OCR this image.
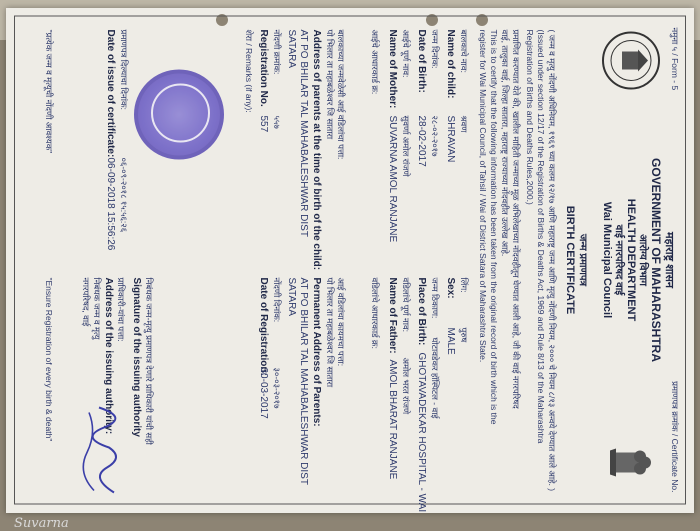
नमुना ५ / Form - 5
प्रमाणपत्र क्रमांक / Certificate No.
महाराष्ट्र शासन
GOVERNMENT OF MAHARASHTRA
आरोग्य विभाग
HEALTH DEPARTMENT
वाई नगरपरिषद वाई
Wai Municipal Council
जन्म प्रमाणपत्र
BIRTH CERTIFICATE
( जन्म व मृत्यु नोंदणी अधिनियम, १९६९ च्या कलम १२/१७ आणि महाराष्ट्र जन्म आणि मृत्यु नोंदणी नियम, २००० चे नियम ८/१३ अन्वये देण्यात आले आहे. )
(Issued under section 12/17 of the Registration of Births & Deaths Act, 1969 and Rule 8/13 of the Maharashtra
Registration of Births and Deaths Rules,2000.)
प्रमाणित करण्यात येते की, खालील माहिती जन्माच्या मूळ अभिलेखाच्या नोंदवहीतून घेण्यात आली आहे, जी की वाई नगरपरिषद
वाई, तालुका वाई, जिल्हा सातारा, महाराष्ट्र राज्याच्या नोंदवहीत उल्लेख आहे.
This is to certify that the following information has been taken from the original record of birth which is the
register for Wai Municipal Council, of Tahsil / Wai of District Satara of Maharashtra State.
बालकाचे नाव:
श्रवण
लिंग:
पुरुष
Name of child:
SHRAVAN
Sex:
MALE
जन्म दिनांक:
२८-०२-२०१७
जन्म ठिकाण:
घोटावडेकर हॉस्पिटल - वाई
Date of Birth:
28-02-2017
Place of Birth:
GHOTAVADEKAR HOSPITAL - WAI
आईचे पूर्ण नाव:
सुवर्णा अमोल रांजणे
वडिलांचे पूर्ण नाव:
अमोल भरत रांजणे
Name of Mother:
SUVARNA AMOL RANJANE
Name of Father:
AMOL BHARAT RANJANE
आईचे आधारकार्ड क्र:
वडिलांचे आधारकार्ड क्र:
बालकाच्या जन्मवेळेसी आई वडिलांचा पत्ता:
पो भिलार ता महाबळेश्वर जि सातारा
Address of parents at the time of birth of the child:
AT PO BHILAR TAL MAHABALESHWAR DIST
SATARA
आई वडिलांचा कायमचा पत्ता:
पो भिलार ता महाबळेश्वर जि सातारा
Permanent Address of Parents:
AT PO BHILAR TAL MAHABALESHWAR DIST
SATARA
नोंदणी क्रमांक:
५५७
नोंदणी दिनांक:
३०-०३-२०१७
Registration No.
557
Date of Registration:
30-03-2017
शेरा / Remarks (if any):
प्रमाणपत्र दिल्याचा दिनांक:
०६-०९-२०१८ १५:५६:२६
Date of issue of certificate:
06-09-2018 15:56:26
निबंधक जन्म-मृत्यु प्रमाणपत्र देणारे प्राधिकारी यांची सही
Signature of the issuing authority
प्राधिकारी-यांचा पत्ता:
Address of the issuing authority:
निबंधक जन्म व मृत्यु
नगरपरिषद, वाई
"प्रत्येक जन्म व मृत्यूची नोंदणी आवश्यक"
"Ensure Registration of every birth & death"
Suvarna
